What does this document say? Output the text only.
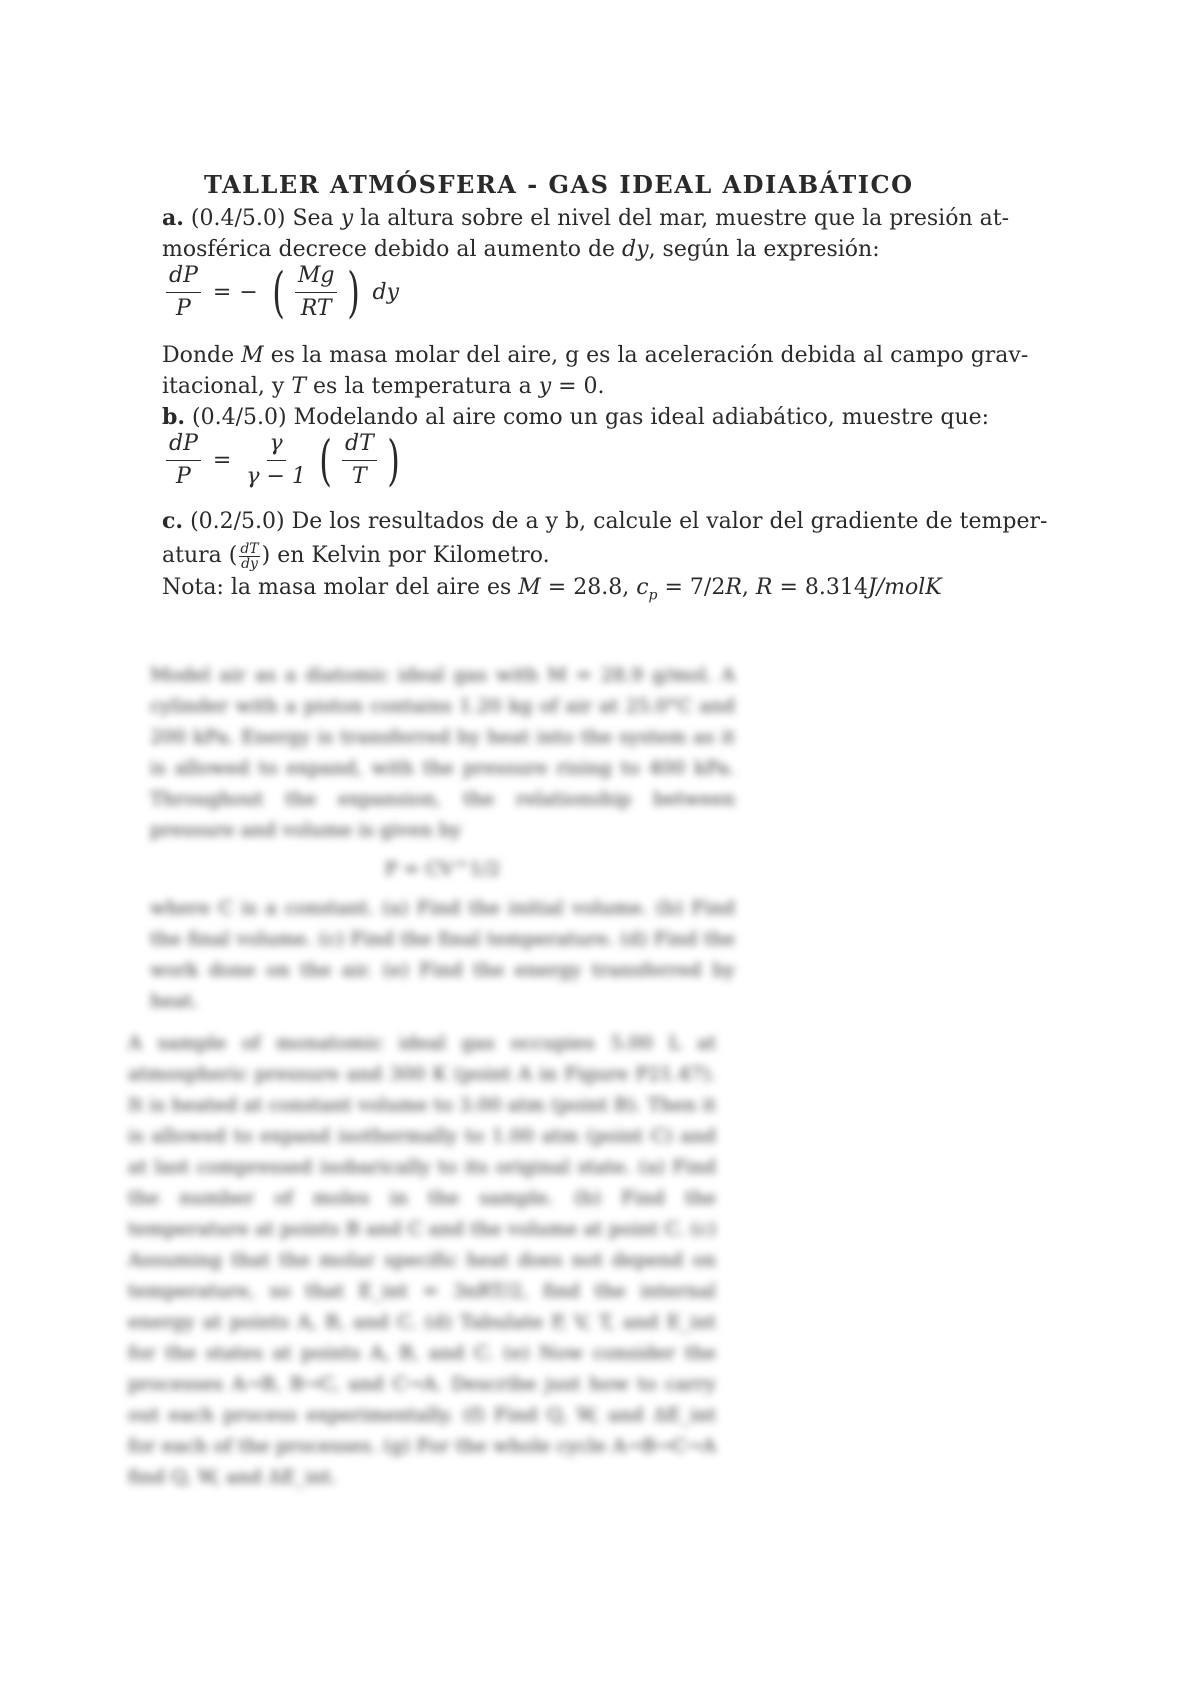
TALLER ATMÓSFERA - GAS IDEAL ADIABÁTICO
a. (0.4/5.0) Sea y la altura sobre el nivel del mar, muestre que la presión at-
mosférica decrece debido al aumento de dy, según la expresión:
$\frac{dP}{P}$ = − ( $\frac{Mg}{RT}$ ) dy
Donde M es la masa molar del aire, g es la aceleración debida al campo grav-
itacional, y T es la temperatura a y = 0.
b. (0.4/5.0) Modelando al aire como un gas ideal adiabático, muestre que:
$\frac{dP}{P} = \frac{\gamma}{\gamma - 1}$ ( $\frac{dT}{T}$ )
c. (0.2/5.0) De los resultados de a y b, calcule el valor del gradiente de temper-
atura ( $\frac{dT}{dy}$ ) en Kelvin por Kilometro.
Nota: la masa molar del aire es M = 28.8, $c_p = 7/2R$, R = 8.314J/molK
Model air as a diatomic ideal gas with M = 28.9 g/mol. A cylinder with a piston contains 1.20 kg of air at 25.0°C and 200 kPa. Energy is transferred by heat into the system as it is allowed to expand, with the pressure rising to 400 kPa. Throughout the expansion, the relationship between pressure and volume is given by
P = CV^1/2
where C is a constant. (a) Find the initial volume. (b) Find the final volume. (c) Find the final temperature. (d) Find the work done on the air. (e) Find the energy transferred by heat.
A sample of monatomic ideal gas occupies 5.00 L at atmospheric pressure and 300 K (point A in Figure P21.47). It is heated at constant volume to 3.00 atm (point B). Then it is allowed to expand isothermally to 1.00 atm (point C) and at last compressed isobarically to its original state. (a) Find the number of moles in the sample. (b) Find the temperature at points B and C and the volume at point C. (c) Assuming that the molar specific heat does not depend on temperature, so that E_int = 3nRT/2, find the internal energy at points A, B, and C. (d) Tabulate P, V, T, and E_int for the states at points A, B, and C. (e) Now consider the processes A→B, B→C, and C→A. Describe just how to carry out each process experimentally. (f) Find Q, W, and ΔE_int for each of the processes. (g) For the whole cycle A→B→C→A find Q, W, and ΔE_int.
